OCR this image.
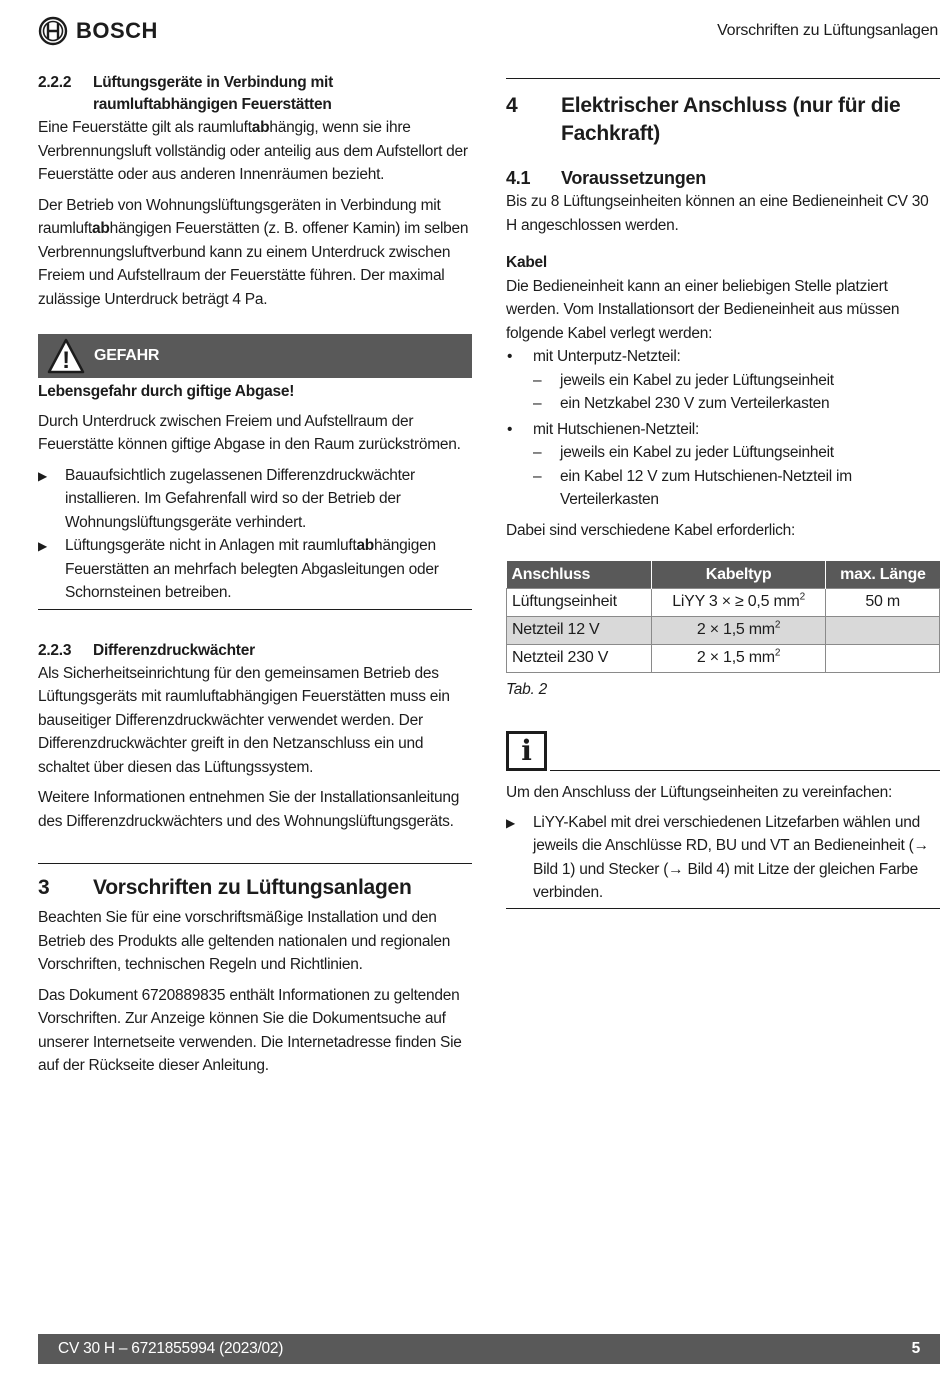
BOSCH	Vorschriften zu Lüftungsanlagen
2.2.2	Lüftungsgeräte in Verbindung mit raumluftabhängigen Feuerstätten

Eine Feuerstätte gilt als raumluftabhängig, wenn sie ihre Verbrennungsluft vollständig oder anteilig aus dem Aufstellort der Feuerstätte oder aus anderen Innenräumen bezieht.

Der Betrieb von Wohnungslüftungsgeräten in Verbindung mit raumluftabhängigen Feuerstätten (z. B. offener Kamin) im selben Verbrennungsluftverbund kann zu einem Unterdruck zwischen Freiem und Aufstellraum der Feuerstätte führen. Der maximal zulässige Unterdruck beträgt 4 Pa.

! GEFAHR

Lebensgefahr durch giftige Abgase!

Durch Unterdruck zwischen Freiem und Aufstellraum der Feuerstätte können giftige Abgase in den Raum zurückströmen.

▶	Bauaufsichtlich zugelassenen Differenzdruckwächter installieren. Im Gefahrenfall wird so der Betrieb der Wohnungslüftungsgeräte verhindert.
▶	Lüftungsgeräte nicht in Anlagen mit raumluftabhängigen Feuerstätten an mehrfach belegten Abgasleitungen oder Schornsteinen betreiben.
2.2.3	Differenzdruckwächter

Als Sicherheitseinrichtung für den gemeinsamen Betrieb des Lüftungsgeräts mit raumluftabhängigen Feuerstätten muss ein bauseitiger Differenzdruckwächter verwendet werden. Der Differenzdruckwächter greift in den Netzanschluss ein und schaltet über diesen das Lüftungssystem.

Weitere Informationen entnehmen Sie der Installationsanleitung des Differenzdruckwächters und des Wohnungslüftungsgeräts.

3	Vorschriften zu Lüftungsanlagen

Beachten Sie für eine vorschriftsmäßige Installation und den Betrieb des Produkts alle geltenden nationalen und regionalen Vorschriften, technischen Regeln und Richtlinien.

Das Dokument 6720889835 enthält Informationen zu geltenden Vorschriften. Zur Anzeige können Sie die Dokumentsuche auf unserer Internetseite verwenden. Die Internetadresse finden Sie auf der Rückseite dieser Anleitung.

4	Elektrischer Anschluss (nur für die Fachkraft)
4.1	Voraussetzungen

Bis zu 8 Lüftungseinheiten können an eine Bedieneinheit CV 30 H angeschlossen werden.

Kabel

Die Bedieneinheit kann an einer beliebigen Stelle platziert werden. Vom Installationsort der Bedieneinheit aus müssen folgende Kabel verlegt werden:

•	mit Unterputz-Netzteil:
–	jeweils ein Kabel zu jeder Lüftungseinheit
–	ein Netzkabel 230 V zum Verteilerkasten
•	mit Hutschienen-Netzteil:
–	jeweils ein Kabel zu jeder Lüftungseinheit
–	ein Kabel 12 V zum Hutschienen-Netzteil im Verteilerkasten

Dabei sind verschiedene Kabel erforderlich:

Anschluss	Kabeltyp	max. Länge
Lüftungseinheit	LiYY 3 × ≥ 0,5 $mm^2$	50 m
Netzteil 12 V	2 × 1,5 $mm^2$	
Netzteil 230 V	2 × 1,5 $mm^2$	

Tab. 2

i

Um den Anschluss der Lüftungseinheiten zu vereinfachen:

▶	LiYY-Kabel mit drei verschiedenen Litzefarben wählen und jeweils die Anschlüsse RD, BU und VT an Bedieneinheit (→ Bild 1) und Stecker (→ Bild 4) mit Litze der gleichen Farbe verbinden.
CV 30 H – 6721855994 (2023/02)	5
